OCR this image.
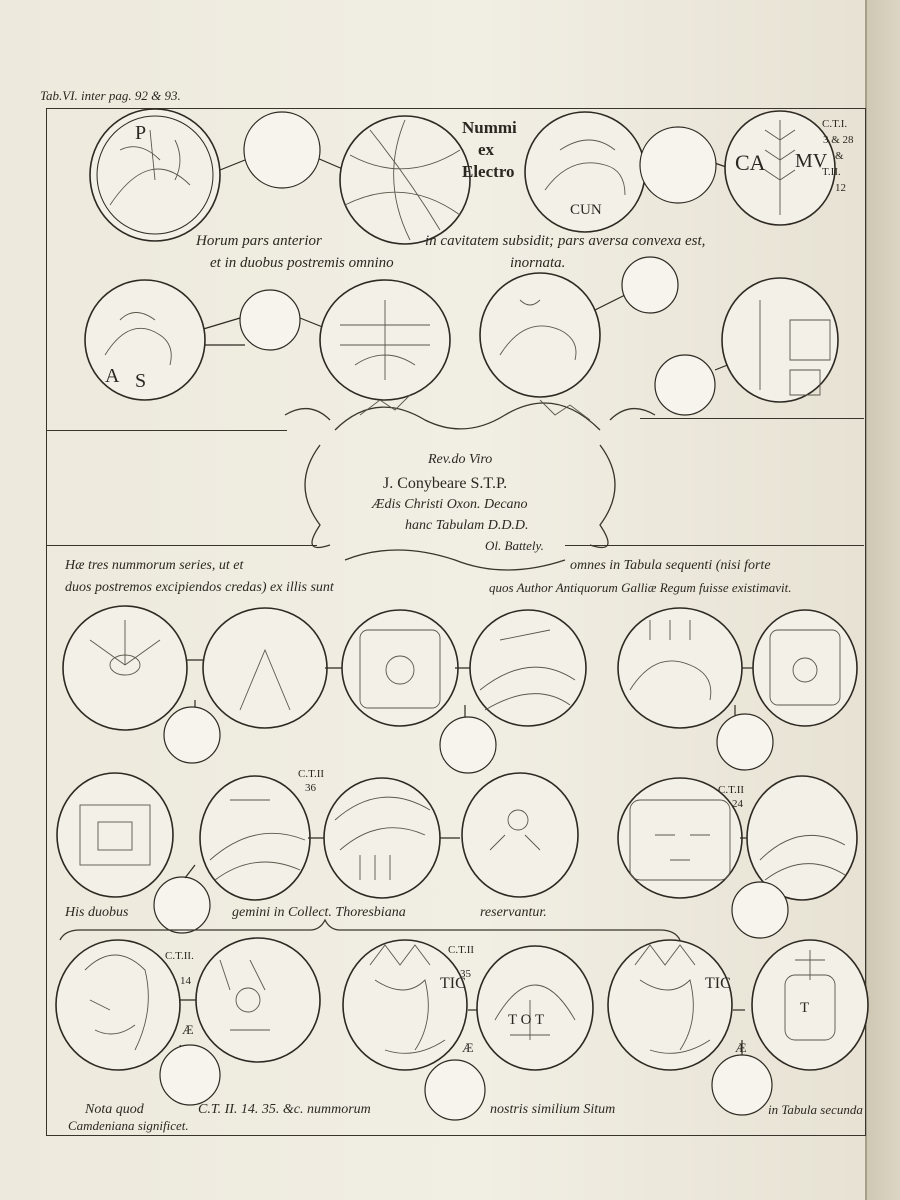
Tab.VI. inter pag. 92 & 93.
P
CUN
CA MV
A S
TIC
T O T
TIC
T
Nummi
ex
Electro
C.T.I.
3 & 28
&
T.II.
12
Horum pars anterior	in cavitatem subsidit; pars aversa convexa est,
et in duobus postremis omnino	inornata.
Rev.do Viro
J. Conybeare S.T.P.
Ædis Christi Oxon. Decano
hanc Tabulam D.D.D.
Ol. Battely.
Hæ tres nummorum series, ut et	omnes in Tabula sequenti (nisi forte
duos postremos excipiendos credas) ex illis sunt	quos Author Antiquorum Galliæ Regum fuisse existimavit.
C.T.II
36	C.T.II
24
His duobus	gemini in Collect. Thoresbiana	reservantur.
C.T.II.
14
C.T.II
35
Æ
Æ	Æ
Nota quod	C.T. II. 14. 35. &c. nummorum	nostris similium Situm	in Tabula secunda
Camdeniana significet.
